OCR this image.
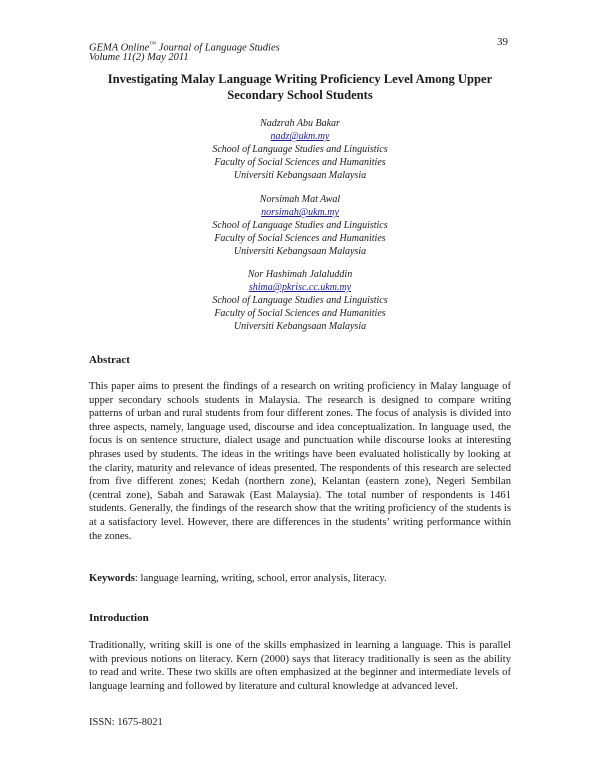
GEMA Online™ Journal of Language Studies
Volume 11(2) May 2011
39
Investigating Malay Language Writing Proficiency Level Among Upper
Secondary School Students
Nadzrah Abu Bakar
nadz@ukm.my
School of Language Studies and Linguistics
Faculty of Social Sciences and Humanities
Universiti Kebangsaan Malaysia
Norsimah Mat Awal
norsimah@ukm.my
School of Language Studies and Linguistics
Faculty of Social Sciences and Humanities
Universiti Kebangsaan Malaysia
Nor Hashimah Jalaluddin
shima@pkrisc.cc.ukm.my
School of Language Studies and Linguistics
Faculty of Social Sciences and Humanities
Universiti Kebangsaan Malaysia
Abstract
This paper aims to present the findings of a research on writing proficiency in Malay language of upper secondary schools students in Malaysia. The research is designed to compare writing patterns of urban and rural students from four different zones. The focus of analysis is divided into three aspects, namely, language used, discourse and idea conceptualization. In language used, the focus is on sentence structure, dialect usage and punctuation while discourse looks at interesting phrases used by students. The ideas in the writings have been evaluated holistically by looking at the clarity, maturity and relevance of ideas presented. The respondents of this research are selected from five different zones; Kedah (northern zone), Kelantan (eastern zone), Negeri Sembilan (central zone), Sabah and Sarawak (East Malaysia). The total number of respondents is 1461 students. Generally, the findings of the research show that the writing proficiency of the students is at a satisfactory level. However, there are differences in the students’ writing performance within the zones.
Keywords: language learning, writing, school, error analysis, literacy.
Introduction
Traditionally, writing skill is one of the skills emphasized in learning a language. This is parallel with previous notions on literacy. Kern (2000) says that literacy traditionally is seen as the ability to read and write. These two skills are often emphasized at the beginner and intermediate levels of language learning and followed by literature and cultural knowledge at advanced level.
ISSN: 1675-8021
